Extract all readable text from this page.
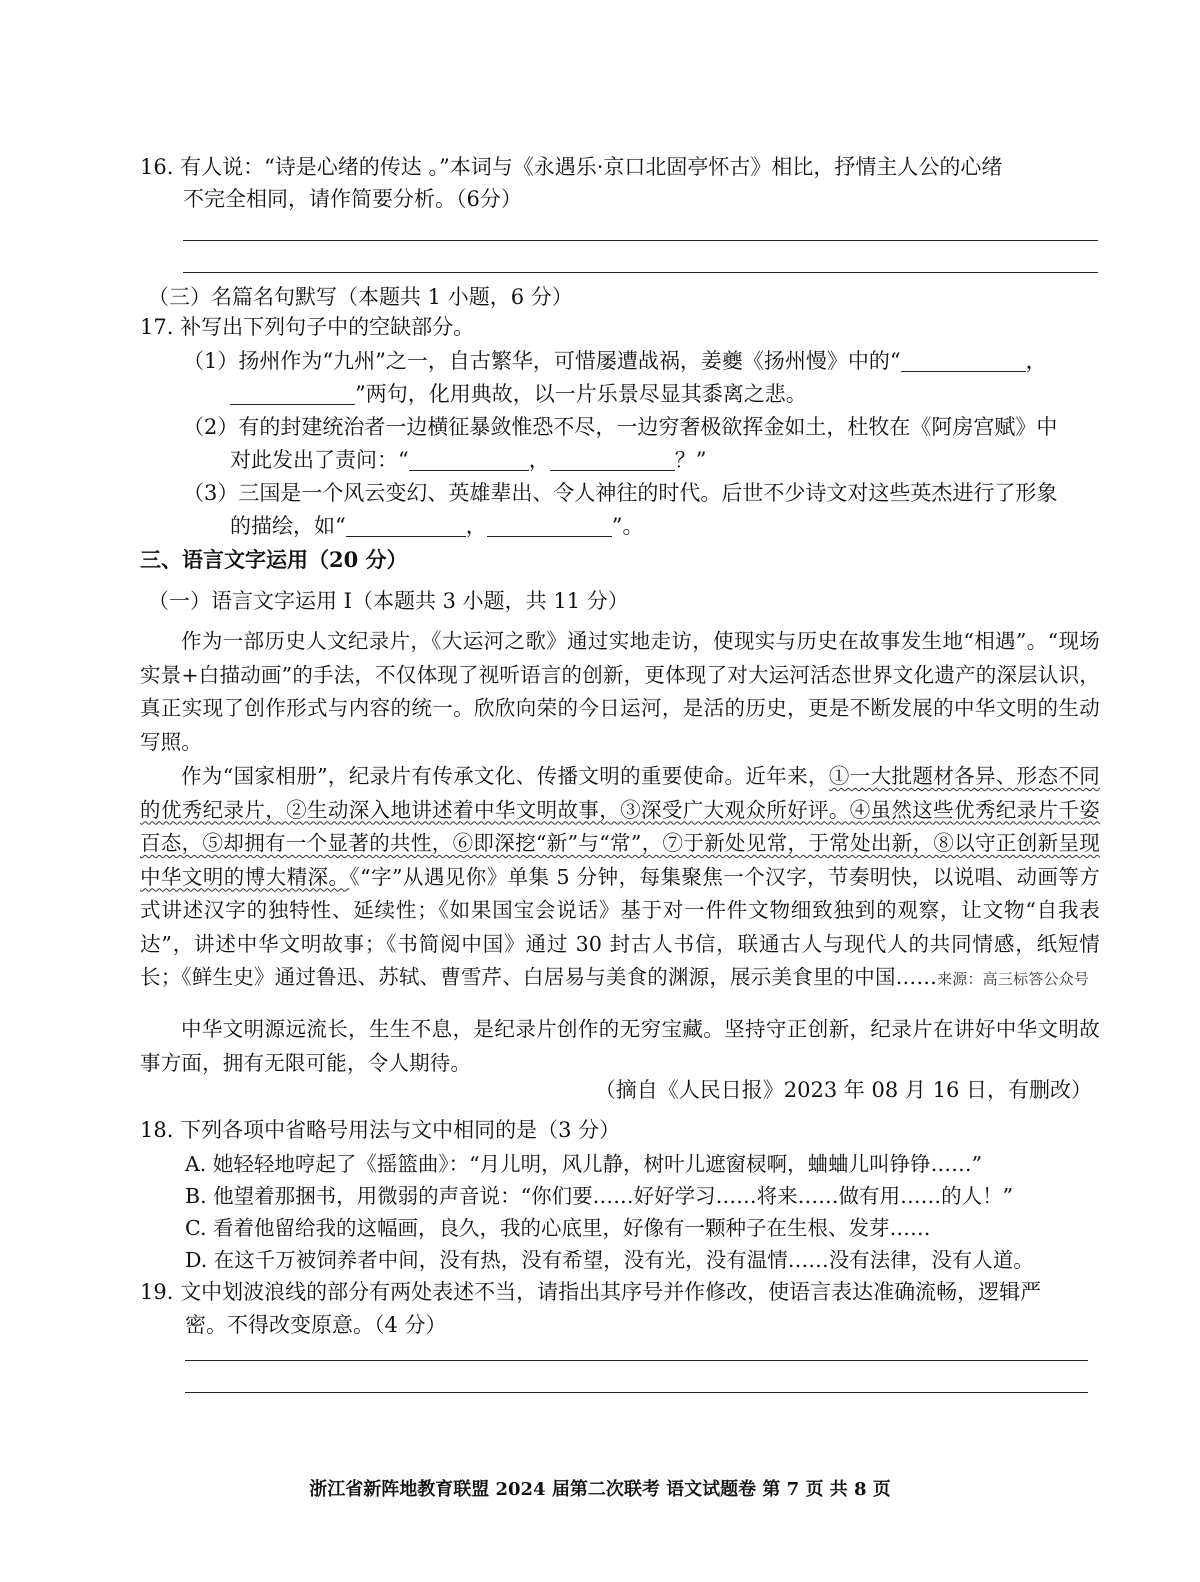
16. 有人说：“诗是心绪的传达 。”本词与《永遇乐·京口北固亭怀古》相比，抒情主人公的心绪
不完全相同，请作简要分析。（6分）
（三）名篇名句默写（本题共 1 小题，6 分）
17. 补写出下列句子中的空缺部分。
（1）扬州作为“九州”之一，自古繁华，可惜屡遭战祸，姜夔《扬州慢》中的“	，
”两句，化用典故，以一片乐景尽显其黍离之悲。
（2）有的封建统治者一边横征暴敛惟恐不尽，一边穷奢极欲挥金如土，杜牧在《阿房宫赋》中
对此发出了责问：“	，	？”
（3）三国是一个风云变幻、英雄辈出、令人神往的时代。后世不少诗文对这些英杰进行了形象
的描绘，如“	，	”。
三、语言文字运用（20 分）
（一）语言文字运用 Ⅰ（本题共 3 小题，共 11 分）
作为一部历史人文纪录片，《大运河之歌》通过实地走访，使现实与历史在故事发生地“相遇”。“现场实景+白描动画”的手法，不仅体现了视听语言的创新，更体现了对大运河活态世界文化遗产的深层认识，真正实现了创作形式与内容的统一。欣欣向荣的今日运河，是活的历史，更是不断发展的中华文明的生动写照。
作为“国家相册”，纪录片有传承文化、传播文明的重要使命。近年来，①一大批题材各异、形态不同的优秀纪录片，②生动深入地讲述着中华文明故事，③深受广大观众所好评。④虽然这些优秀纪录片千姿百态，⑤却拥有一个显著的共性，⑥即深挖“新”与“常”，⑦于新处见常，于常处出新，⑧以守正创新呈现中华文明的博大精深。《“字”从遇见你》单集 5 分钟，每集聚焦一个汉字，节奏明快，以说唱、动画等方式讲述汉字的独特性、延续性；《如果国宝会说话》基于对一件件文物细致独到的观察，让文物“自我表达”，讲述中华文明故事；《书简阅中国》通过 30 封古人书信，联通古人与现代人的共同情感，纸短情长；《鲜生史》通过鲁迅、苏轼、曹雪芹、白居易与美食的渊源，展示美食里的中国……来源：高三标答公众号
中华文明源远流长，生生不息，是纪录片创作的无穷宝藏。坚持守正创新，纪录片在讲好中华文明故事方面，拥有无限可能，令人期待。
（摘自《人民日报》2023 年 08 月 16 日，有删改）
18. 下列各项中省略号用法与文中相同的是（3 分）
A. 她轻轻地哼起了《摇篮曲》：“月儿明，风儿静，树叶儿遮窗棂啊，蛐蛐儿叫铮铮……”
B. 他望着那捆书，用微弱的声音说：“你们要……好好学习……将来……做有用……的人！”
C. 看着他留给我的这幅画，良久，我的心底里，好像有一颗种子在生根、发芽……
D. 在这千万被饲养者中间，没有热，没有希望，没有光，没有温情……没有法律，没有人道。
19. 文中划波浪线的部分有两处表述不当，请指出其序号并作修改，使语言表达准确流畅，逻辑严
密。不得改变原意。（4 分）
浙江省新阵地教育联盟 2024 届第二次联考 语文试题卷 第 7 页 共 8 页
